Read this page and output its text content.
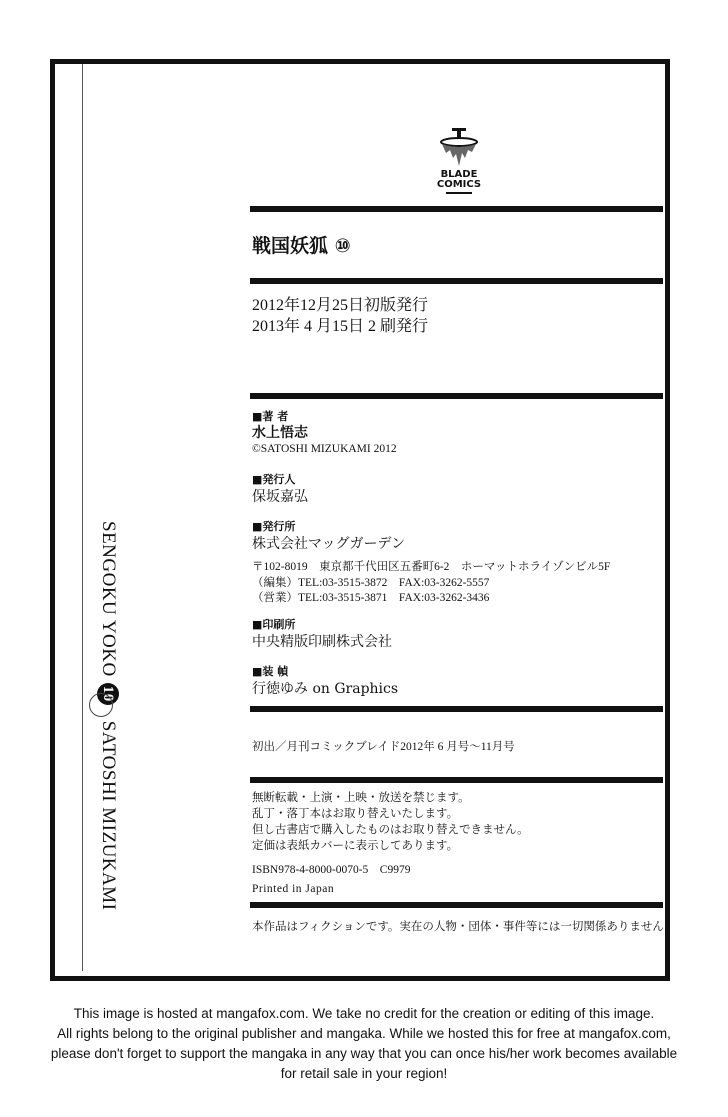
SENGOKU YOKO
10
SATOSHI MIZUKAMI
BLADE
COMICS
戦国妖狐 ⑩
2012年12月25日初版発行
2013年 4 月15日 2 刷発行
■著 者
水上悟志
©SATOSHI MIZUKAMI 2012
■発行人
保坂嘉弘
■発行所
株式会社マッグガーデン
〒102-8019　東京都千代田区五番町6-2　ホーマットホライゾンビル5F
（編集）TEL:03-3515-3872　FAX:03-3262-5557
（営業）TEL:03-3515-3871　FAX:03-3262-3436
■印刷所
中央精版印刷株式会社
■装 幀
行徳ゆみ on Graphics
初出／月刊コミックブレイド2012年 6 月号～11月号
無断転載・上演・上映・放送を禁じます。
乱丁・落丁本はお取り替えいたします。
但し古書店で購入したものはお取り替えできません。
定価は表紙カバーに表示してあります。
ISBN978-4-8000-0070-5　C9979
Printed in Japan
本作品はフィクションです。実在の人物・団体・事件等には一切関係ありません。
This image is hosted at mangafox.com. We take no credit for the creation or editing of this image.
All rights belong to the original publisher and mangaka. While we hosted this for free at mangafox.com,
please don't forget to support the mangaka in any way that you can once his/her work becomes available
for retail sale in your region!
